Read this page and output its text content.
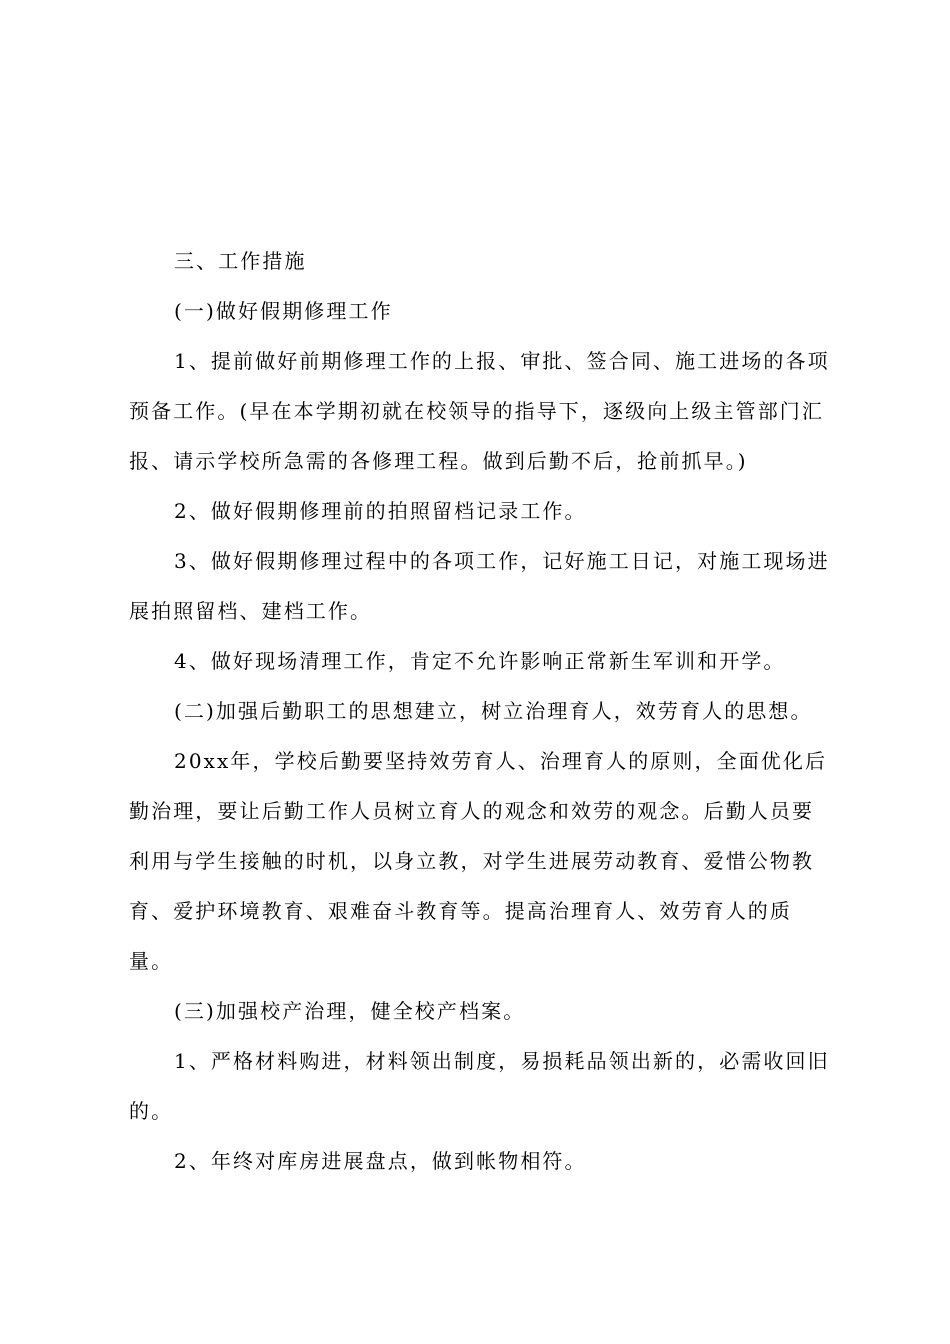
三、工作措施

(一)做好假期修理工作

1、提前做好前期修理工作的上报、审批、签合同、施工进场的各项预备工作。(早在本学期初就在校领导的指导下，逐级向上级主管部门汇报、请示学校所急需的各修理工程。做到后勤不后，抢前抓早。)

2、做好假期修理前的拍照留档记录工作。

3、做好假期修理过程中的各项工作，记好施工日记，对施工现场进展拍照留档、建档工作。

4、做好现场清理工作，肯定不允许影响正常新生军训和开学。

(二)加强后勤职工的思想建立，树立治理育人，效劳育人的思想。

20xx年，学校后勤要坚持效劳育人、治理育人的原则，全面优化后勤治理，要让后勤工作人员树立育人的观念和效劳的观念。后勤人员要利用与学生接触的时机，以身立教，对学生进展劳动教育、爱惜公物教育、爱护环境教育、艰难奋斗教育等。提高治理育人、效劳育人的质量。

(三)加强校产治理，健全校产档案。

1、严格材料购进，材料领出制度，易损耗品领出新的，必需收回旧的。

2、年终对库房进展盘点，做到帐物相符。
